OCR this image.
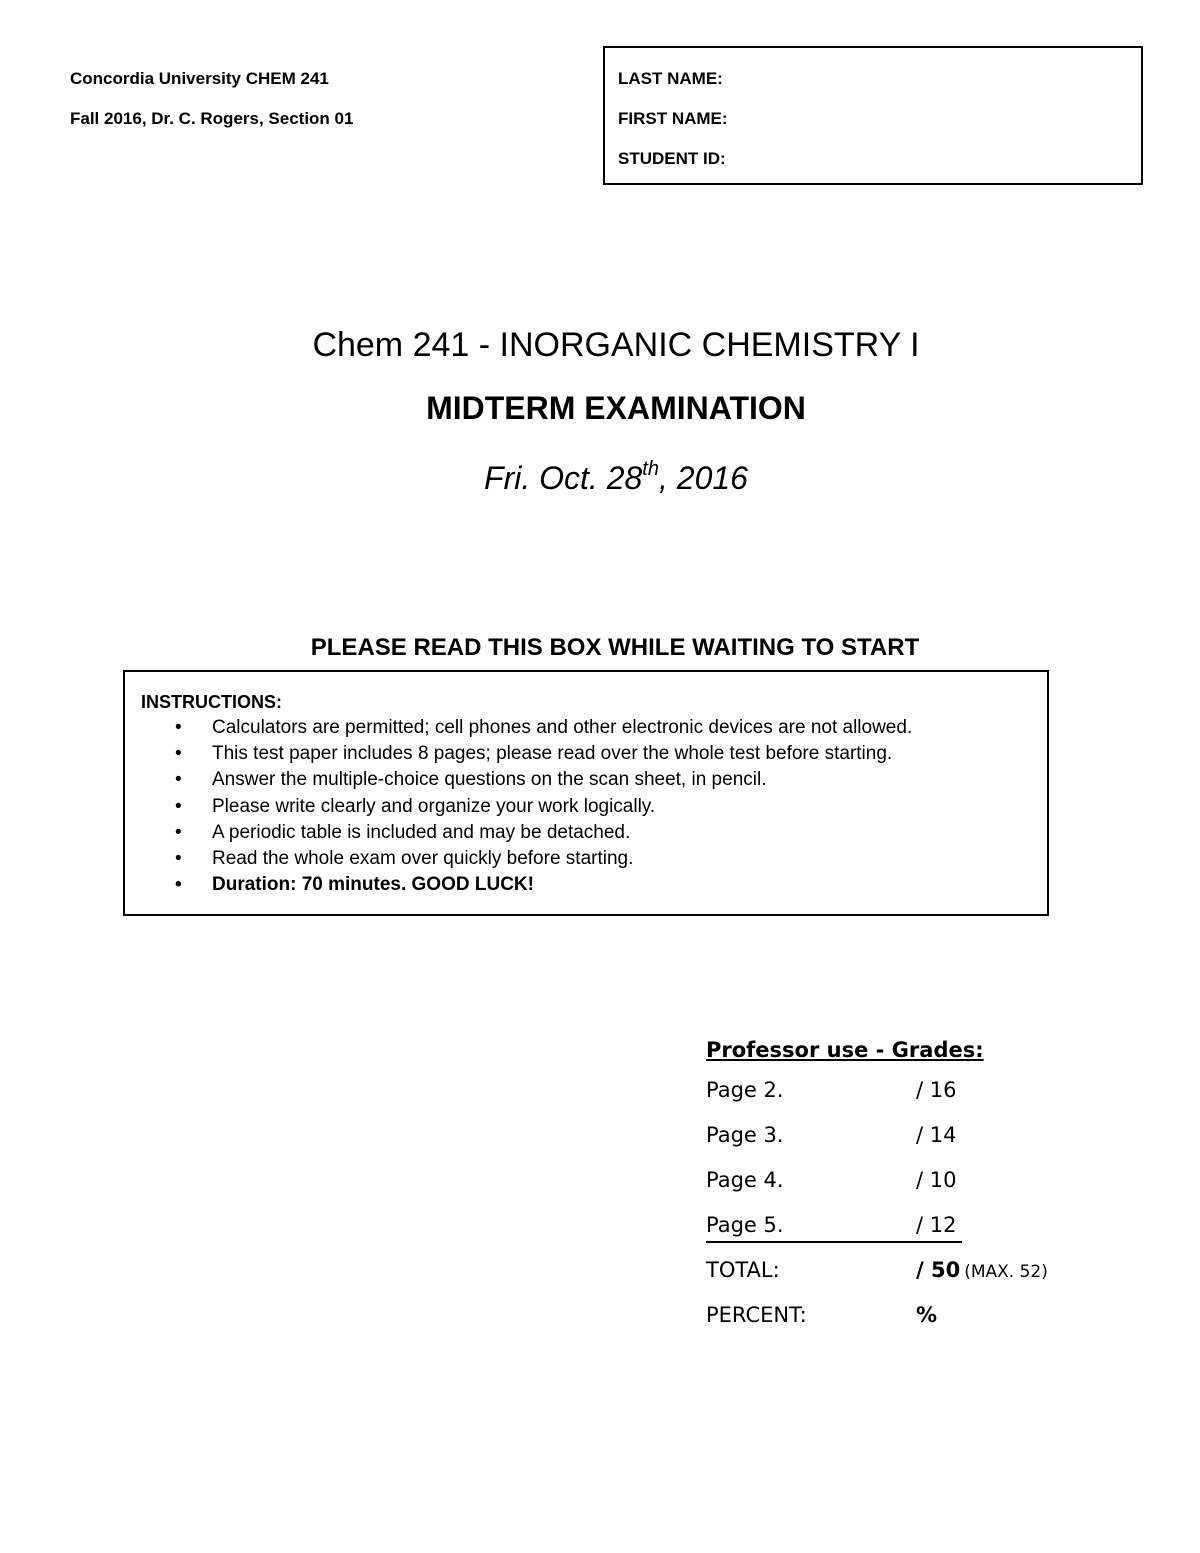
Concordia University CHEM 241
Fall 2016, Dr. C. Rogers, Section 01
LAST NAME:
FIRST NAME:
STUDENT ID:
Chem 241 - INORGANIC CHEMISTRY I
MIDTERM EXAMINATION
Fri. Oct. 28th, 2016
PLEASE READ THIS BOX WHILE WAITING TO START
INSTRUCTIONS:
• Calculators are permitted; cell phones and other electronic devices are not allowed.
• This test paper includes 8 pages; please read over the whole test before starting.
• Answer the multiple-choice questions on the scan sheet, in pencil.
• Please write clearly and organize your work logically.
• A periodic table is included and may be detached.
• Read the whole exam over quickly before starting.
• Duration: 70 minutes. GOOD LUCK!
Professor use - Grades:
Page 2.	/ 16
Page 3.	/ 14
Page 4.	/ 10
Page 5.	/ 12
TOTAL:	/ 50 (MAX. 52)
PERCENT:	%
